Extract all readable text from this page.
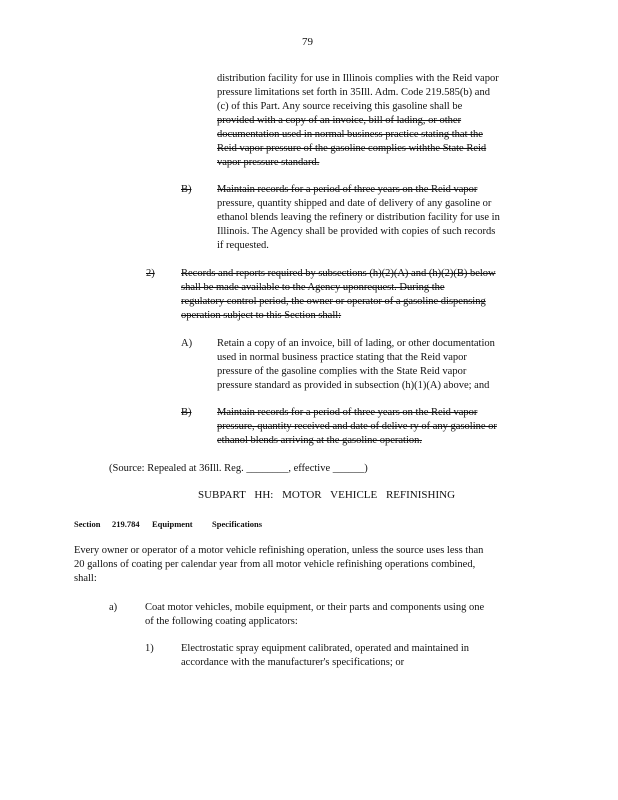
79
distribution facility for use in Illinois complies with the Reid vapor
pressure limitations set forth in 35Ill. Adm. Code 219.585(b) and
(c) of this Part. Any source receiving this gasoline shall be
provided with a copy of an invoice, bill of lading, or other
documentation used in normal business practice stating that the
Reid vapor pressure of the gasoline complies withthe State Reid
vapor pressure standard.
B) Maintain records for a period of three years on the Reid vapor
pressure, quantity shipped and date of delivery of any gasoline or
ethanol blends leaving the refinery or distribution facility for use in
Illinois. The Agency shall be provided with copies of such records
if requested.
2)	Records and reports required by subsections (h)(2)(A) and (h)(2)(B) below
shall be made available to the Agency uponrequest. During the
regulatory control period, the owner or operator of a gasoline dispensing
operation subject to this Section shall:
A) Retain a copy of an invoice, bill of lading, or other documentation
used in normal business practice stating that the Reid vapor
pressure of the gasoline complies with the State Reid vapor
pressure standard as provided in subsection (h)(1)(A) above; and
B) Maintain records for a period of three years on the Reid vapor
pressure, quantity received and date of delive ry of any gasoline or
ethanol blends arriving at the gasoline operation.
(Source: Repealed at 36Ill. Reg. ________, effective ______)
SUBPART HH: MOTOR VEHICLE REFINISHING
Section 219.784 Equipment Specifications
Every owner or operator of a motor vehicle refinishing operation, unless the source uses less than
20 gallons of coating per calendar year from all motor vehicle refinishing operations combined,
shall:
a)	Coat motor vehicles, mobile equipment, or their parts and components using one
of the following coating applicators:
1)	Electrostatic spray equipment calibrated, operated and maintained in
accordance with the manufacturer's specifications; or
